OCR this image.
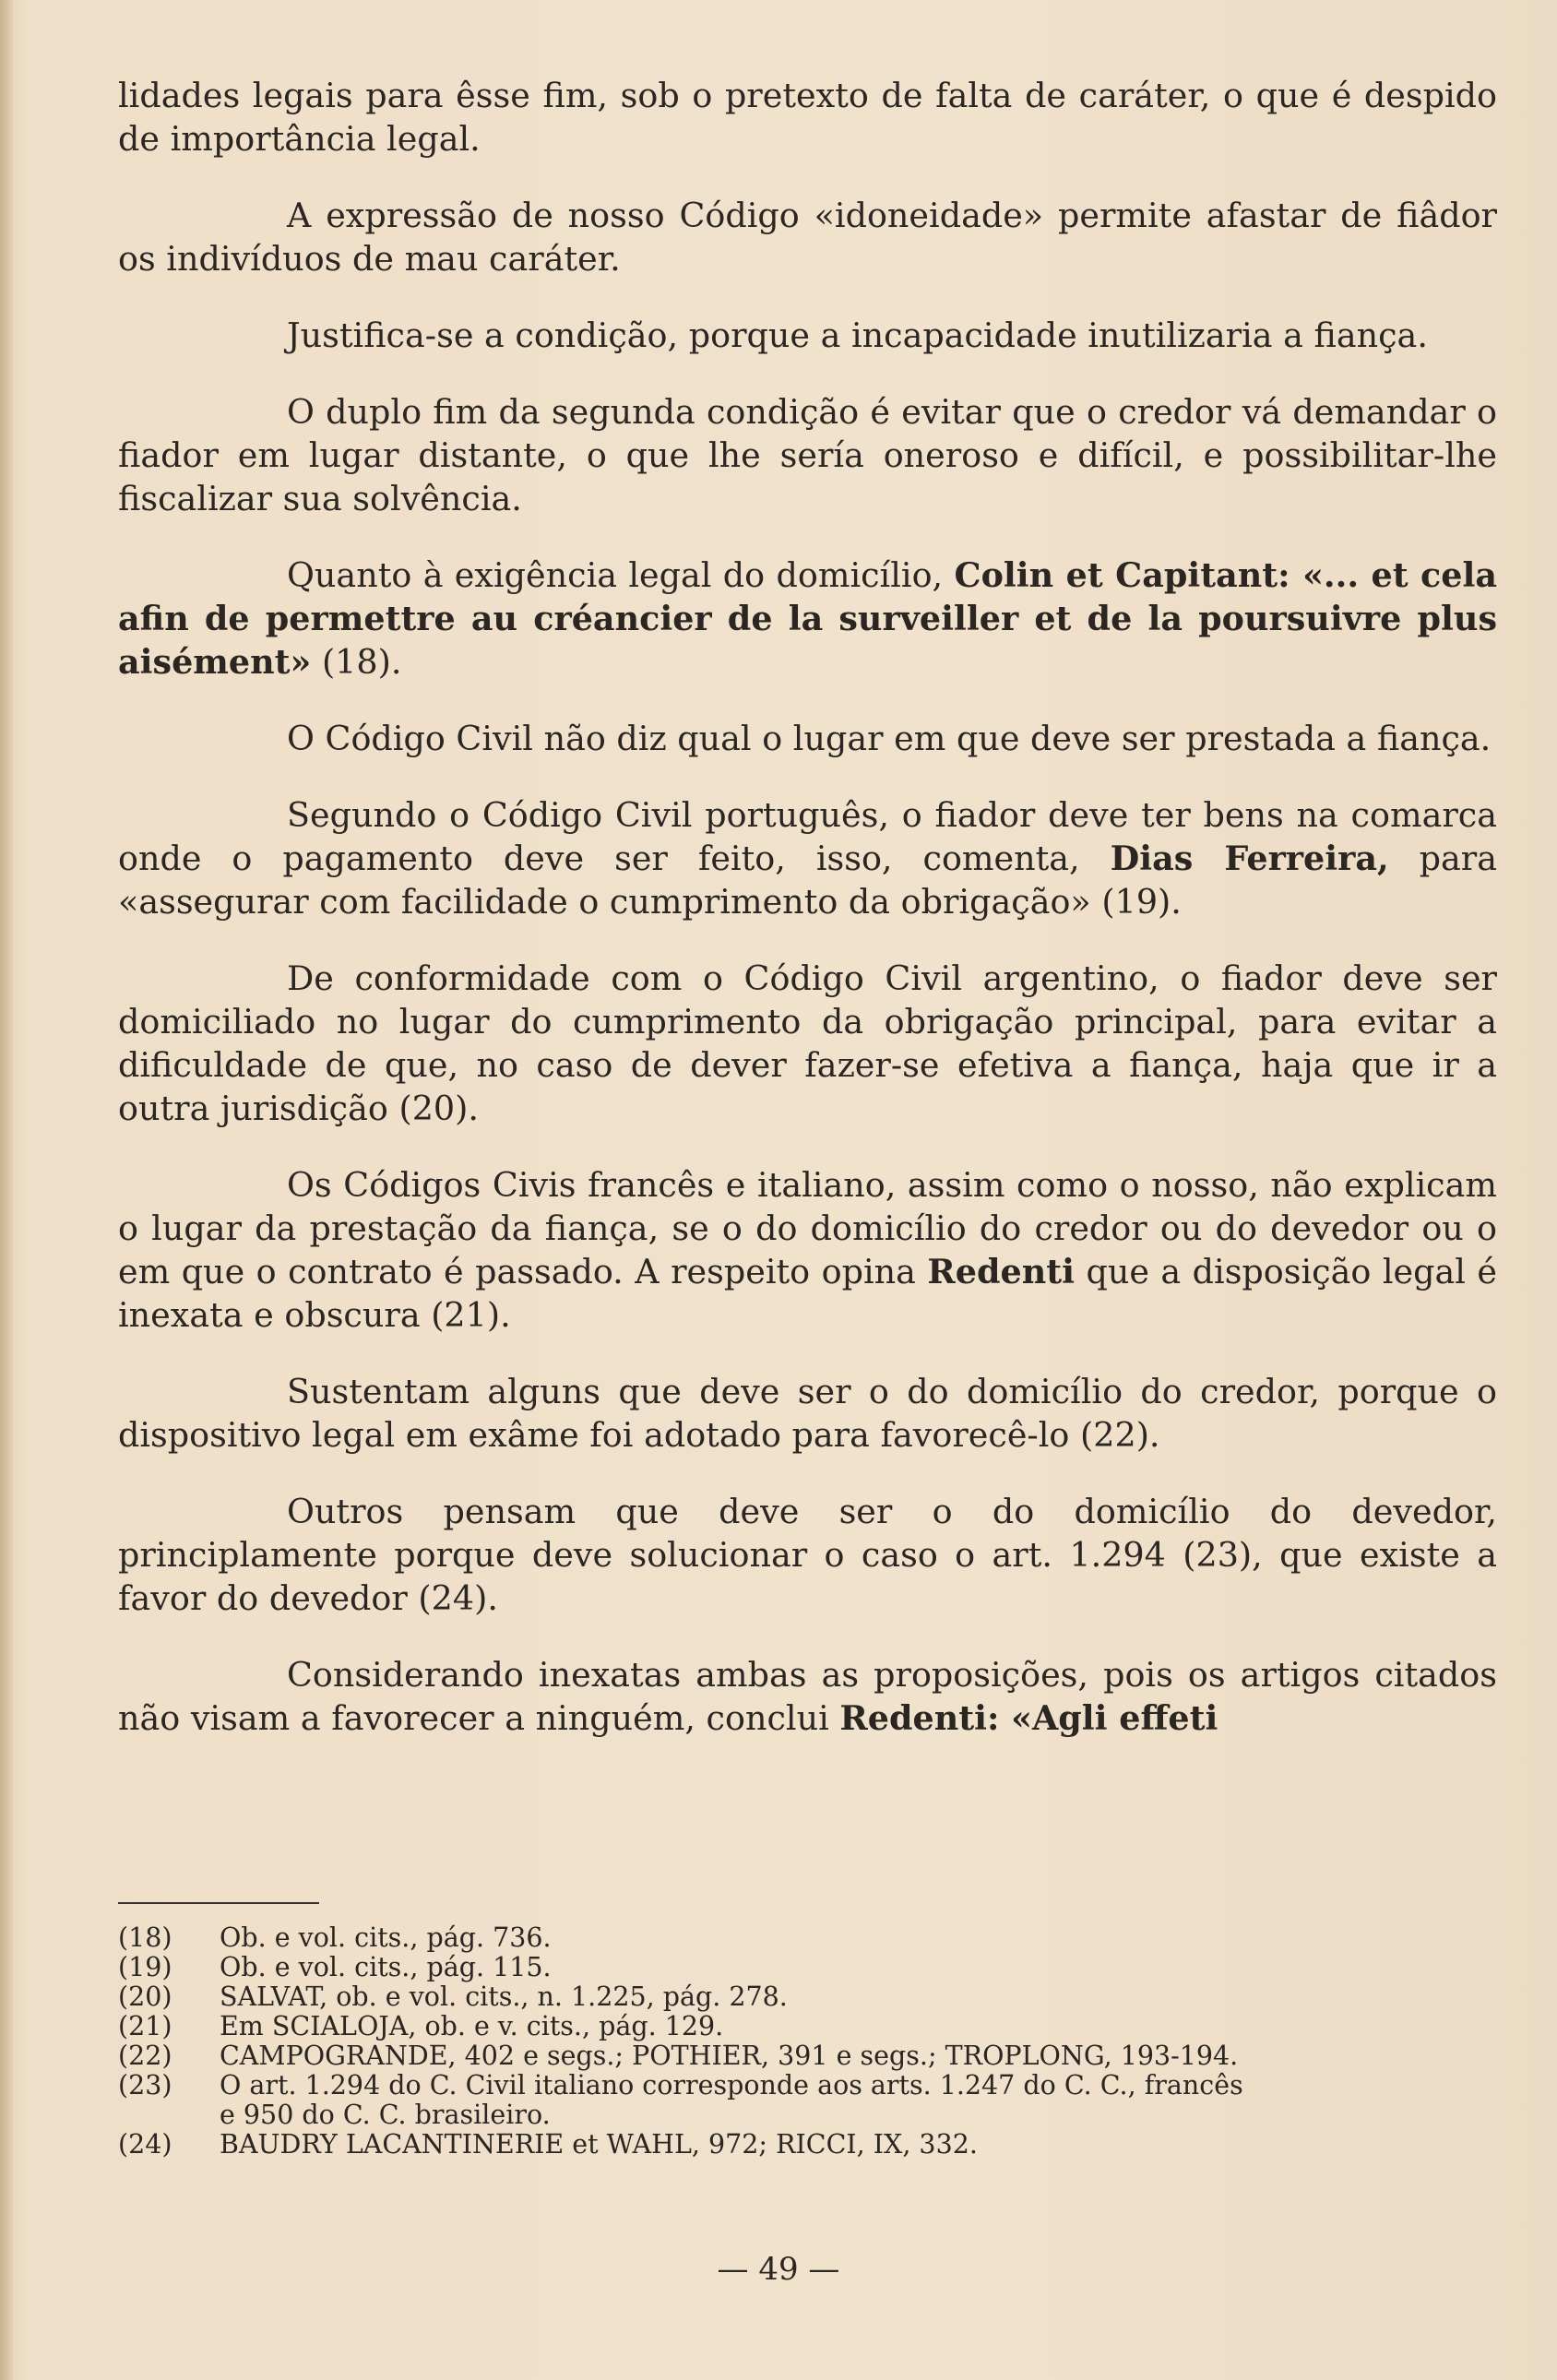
lidades legais para êsse fim, sob o pretexto de falta de caráter, o que é despido de importância legal.

A expressão de nosso Código «idoneidade» permite afastar de fiâdor os indivíduos de mau caráter.

Justifica-se a condição, porque a incapacidade inutilizaria a fiança.

O duplo fim da segunda condição é evitar que o credor vá demandar o fiador em lugar distante, o que lhe sería oneroso e difícil, e possibilitar-lhe fiscalizar sua solvência.

Quanto à exigência legal do domicílio, Colin et Capitant: «... et cela afin de permettre au créancier de la surveiller et de la poursuivre plus aisément» (18).

O Código Civil não diz qual o lugar em que deve ser prestada a fiança.

Segundo o Código Civil português, o fiador deve ter bens na comarca onde o pagamento deve ser feito, isso, comenta, Dias Ferreira, para «assegurar com facilidade o cumprimento da obrigação» (19).

De conformidade com o Código Civil argentino, o fiador deve ser domiciliado no lugar do cumprimento da obrigação principal, para evitar a dificuldade de que, no caso de dever fazer-se efetiva a fiança, haja que ir a outra jurisdição (20).

Os Códigos Civis francês e italiano, assim como o nosso, não explicam o lugar da prestação da fiança, se o do domicílio do credor ou do devedor ou o em que o contrato é passado. A respeito opina Redenti que a disposição legal é inexata e obscura (21).

Sustentam alguns que deve ser o do domicílio do credor, porque o dispositivo legal em exâme foi adotado para favorecê-lo (22).

Outros pensam que deve ser o do domicílio do devedor, principlamente porque deve solucionar o caso o art. 1.294 (23), que existe a favor do devedor (24).

Considerando inexatas ambas as proposições, pois os artigos citados não visam a favorecer a ninguém, conclui Redenti: «Agli effeti

(18)	Ob. e vol. cits., pág. 736.
(19)	Ob. e vol. cits., pág. 115.
(20)	SALVAT, ob. e vol. cits., n. 1.225, pág. 278.
(21)	Em SCIALOJA, ob. e v. cits., pág. 129.
(22)	CAMPOGRANDE, 402 e segs.; POTHIER, 391 e segs.; TROPLONG, 193-194.
(23)	O art. 1.294 do C. Civil italiano corresponde aos arts. 1.247 do C. C., francês
e 950 do C. C. brasileiro.
(24)	BAUDRY LACANTINERIE et WAHL, 972; RICCI, IX, 332.
— 49 —
